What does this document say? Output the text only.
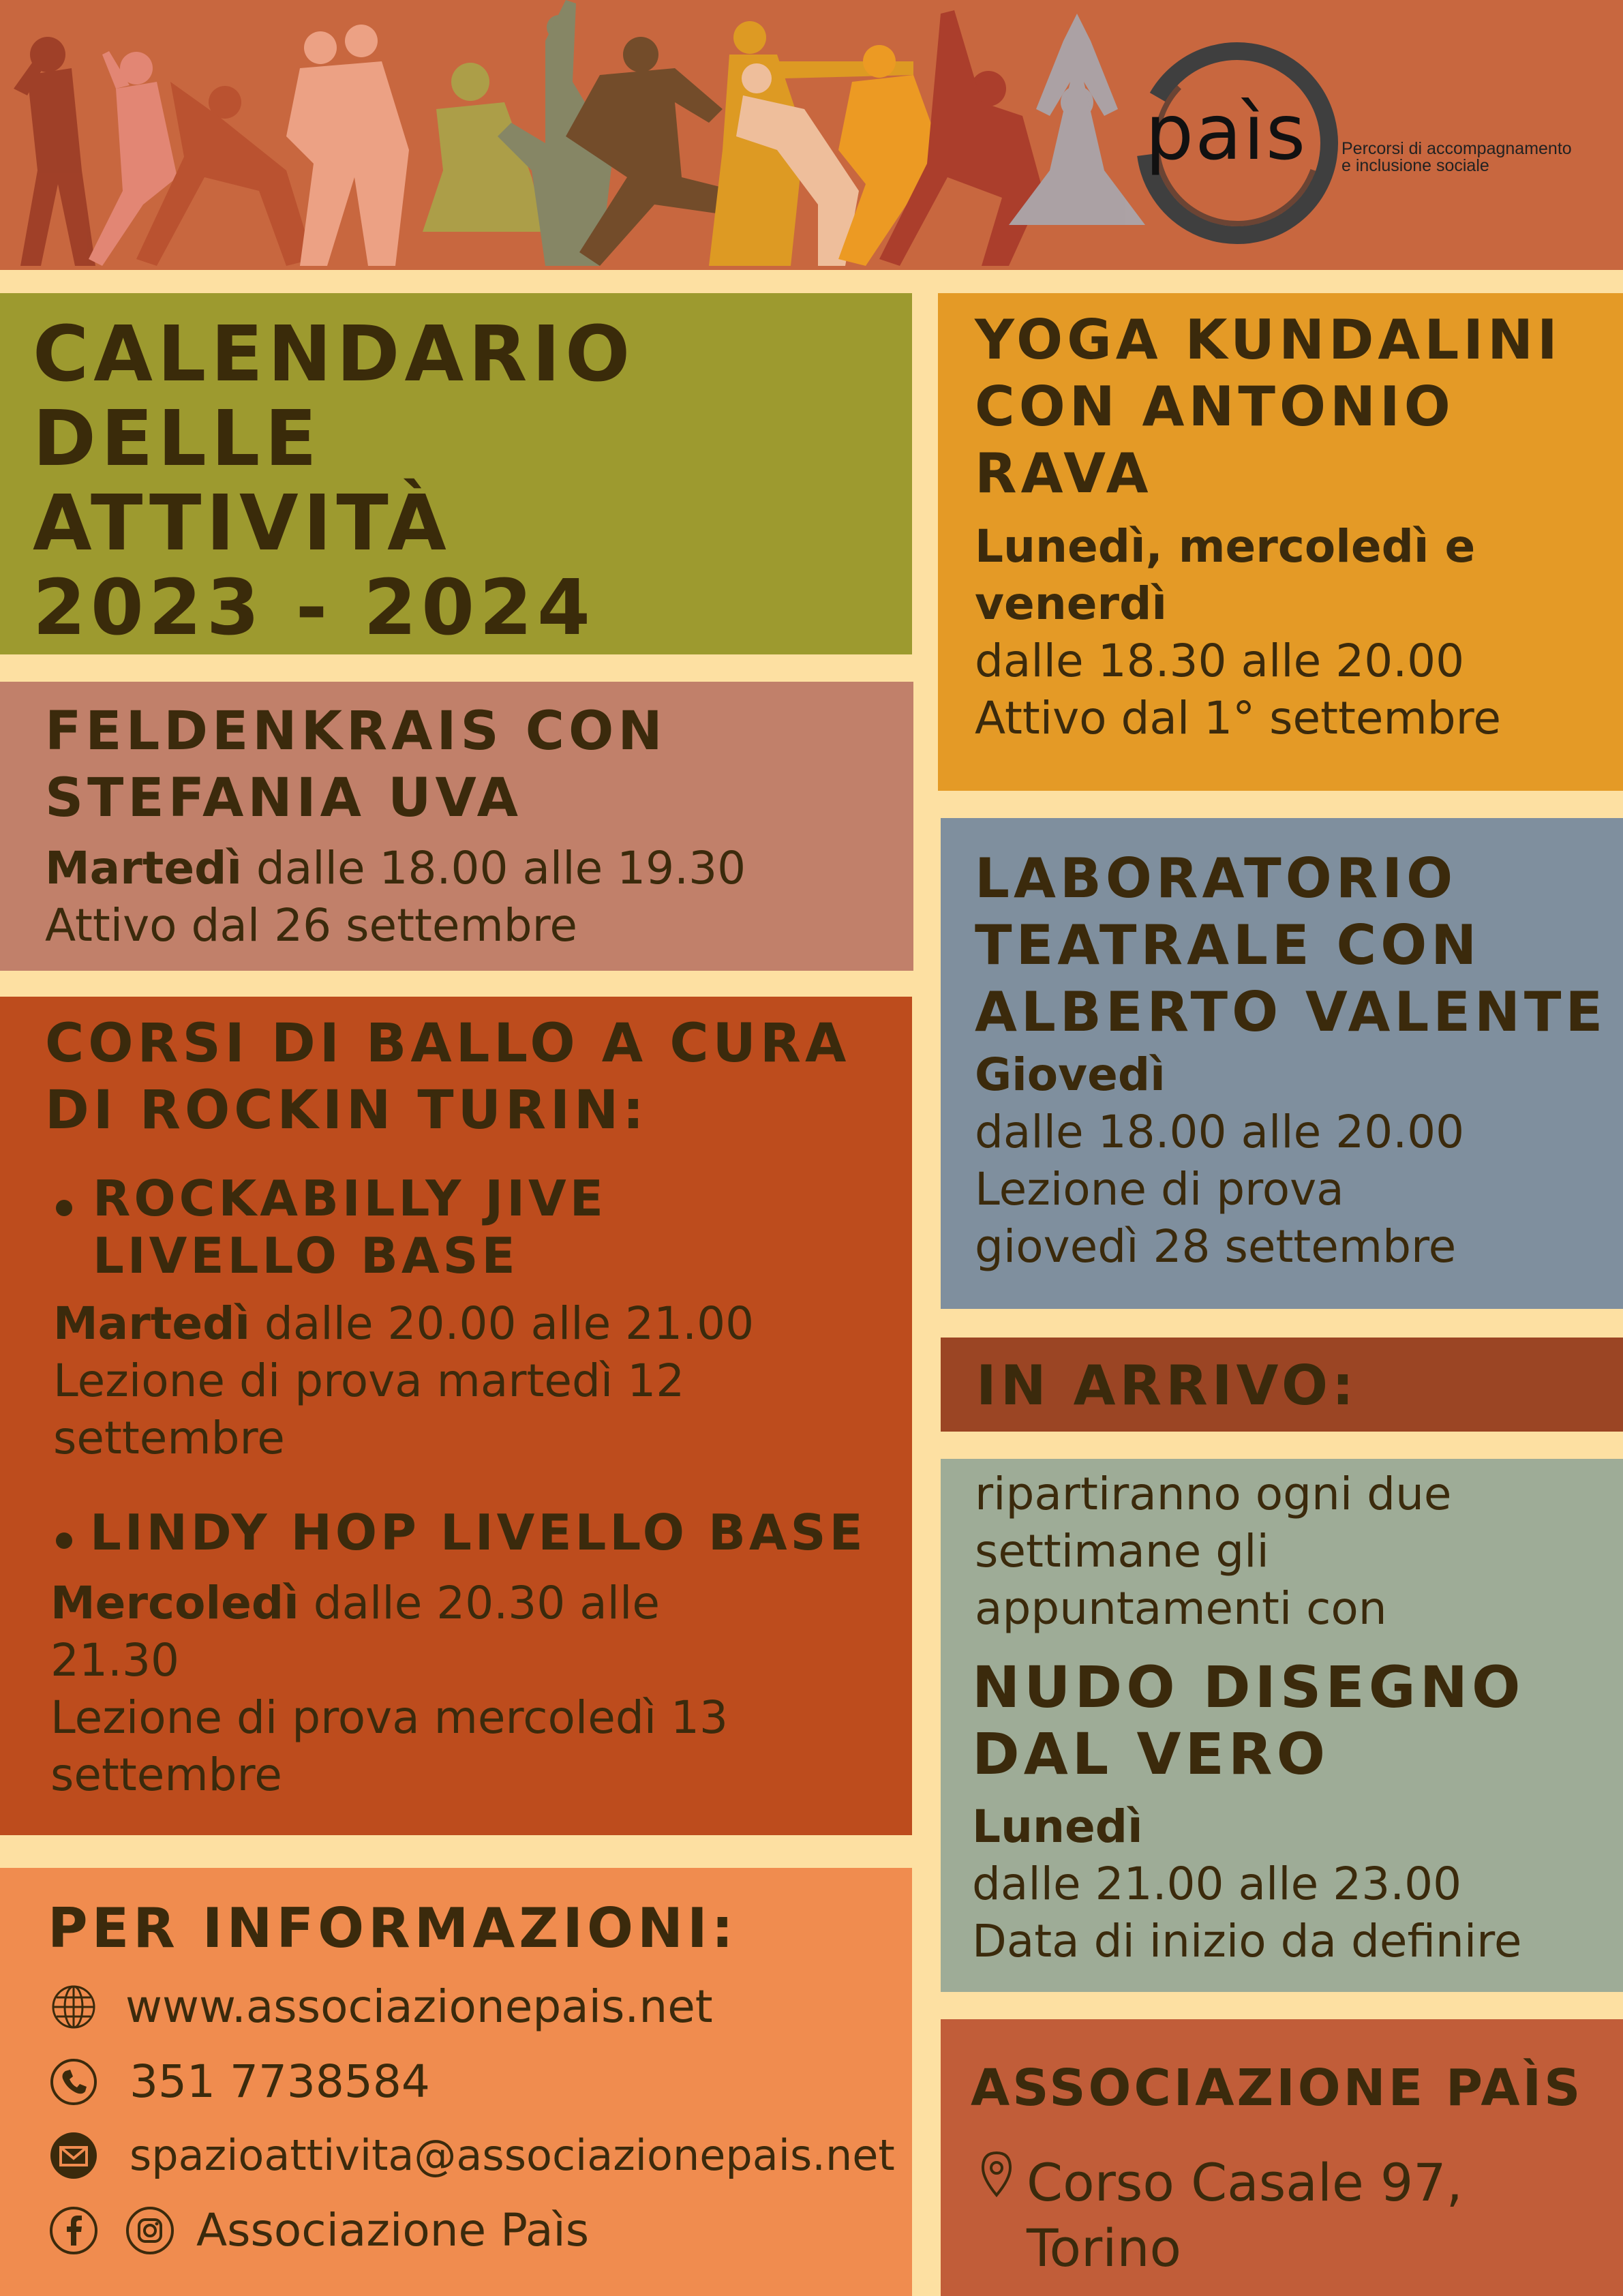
paìs Percorsi di accompagnamento
e inclusione sociale
CALENDARIO
DELLE
ATTIVITÀ
2023 - 2024
FELDENKRAIS CON
STEFANIA UVA
Martedì dalle 18.00 alle 19.30
Attivo dal 26 settembre
CORSI DI BALLO A CURA
DI ROCKIN TURIN:
ROCKABILLY JIVE
LIVELLO BASE
Martedì dalle 20.00 alle 21.00
Lezione di prova martedì 12
settembre
LINDY HOP LIVELLO BASE
Mercoledì dalle 20.30 alle
21.30
Lezione di prova mercoledì 13
settembre
PER INFORMAZIONI:
www.associazionepais.net
351 7738584
spazioattivita@associazionepais.net
Associazione Paìs
YOGA KUNDALINI
CON ANTONIO
RAVA
Lunedì, mercoledì e
venerdì
dalle 18.30 alle 20.00
Attivo dal 1° settembre
LABORATORIO
TEATRALE CON
ALBERTO VALENTE
Giovedì
dalle 18.00 alle 20.00
Lezione di prova
giovedì 28 settembre
IN ARRIVO:
ripartiranno ogni due
settimane gli
appuntamenti con
NUDO DISEGNO
DAL VERO
Lunedì
dalle 21.00 alle 23.00
Data di inizio da definire
ASSOCIAZIONE PAÌS
Corso Casale 97,
Torino
